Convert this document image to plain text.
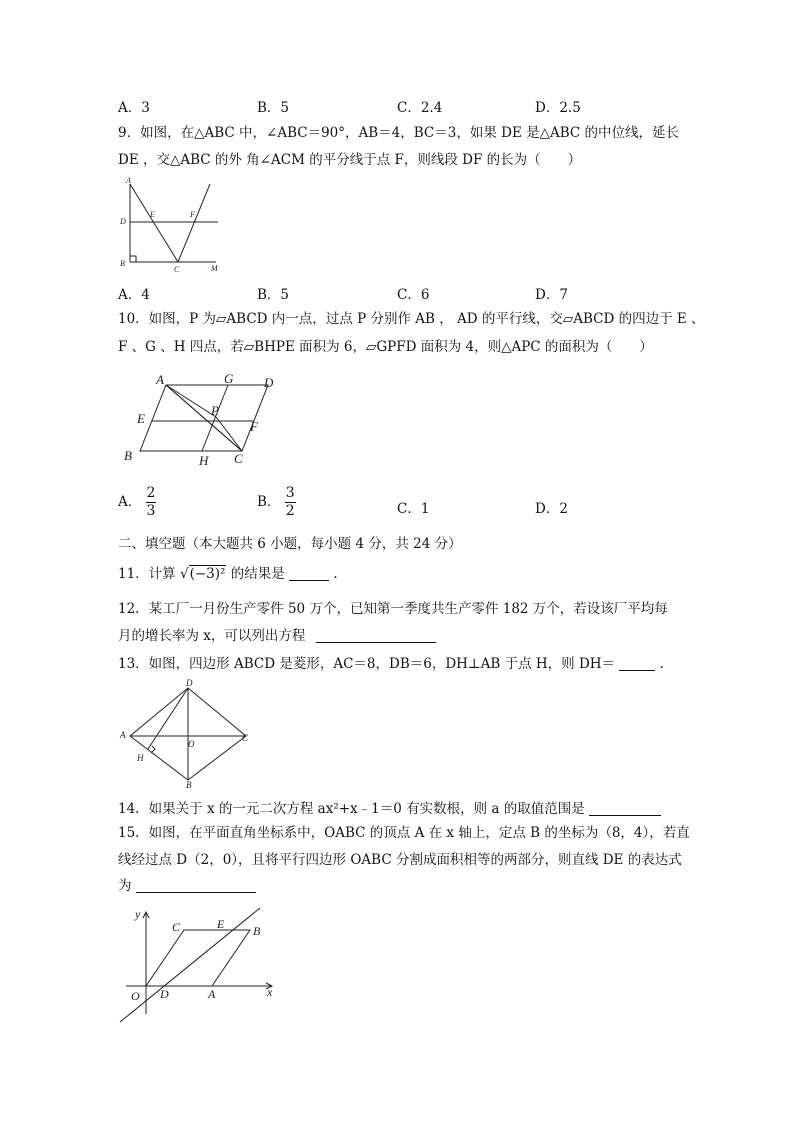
A．3	B．5	C．2.4	D．2.5
9．如图，在△ABC 中，∠ABC＝90°，AB＝4，BC＝3，如果 DE 是△ABC 的中位线，延长
DE ，交△ABC 的外 角∠ACM 的平分线于点 F，则线段 DF 的长为（　　）
A
D
E	F
B
C	M
A．4	B．5	C．6	D．7
10．如图，P 为▱ABCD 内一点，过点 P 分别作 AB ， AD 的平行线，交▱ABCD 的四边于 E 、
F 、G 、H 四点，若▱BHPE 面积为 6，▱GPFD 面积为 4，则△APC 的面积为（　　）
A	G D
E
P
F
B	H C
A． $\frac{2}{3}$	B． $\frac{3}{2}$	C．1	D．2
二、填空题（本大题共 6 小题，每小题 4 分，共 24 分）
11．计算 √(−3)² 的结果是	.
12．某工厂一月份生产零件 50 万个，已知第一季度共生产零件 182 万个，若设该厂平均每
月的增长率为 x，可以列出方程
13．如图，四边形 ABCD 是菱形，AC＝8，DB＝6，DH⊥AB 于点 H，则 DH＝	.
D
A
O
C
H
B
14．如果关于 x 的一元二次方程 ax²+x﹣1＝0 有实数根，则 a 的取值范围是
15．如图，在平面直角坐标系中，OABC 的顶点 A 在 x 轴上，定点 B 的坐标为（8，4），若直
线经过点 D（2，0），且将平行四边形 OABC 分割成面积相等的两部分，则直线 DE 的表达式
为
y
C	E B
O D	A	x
